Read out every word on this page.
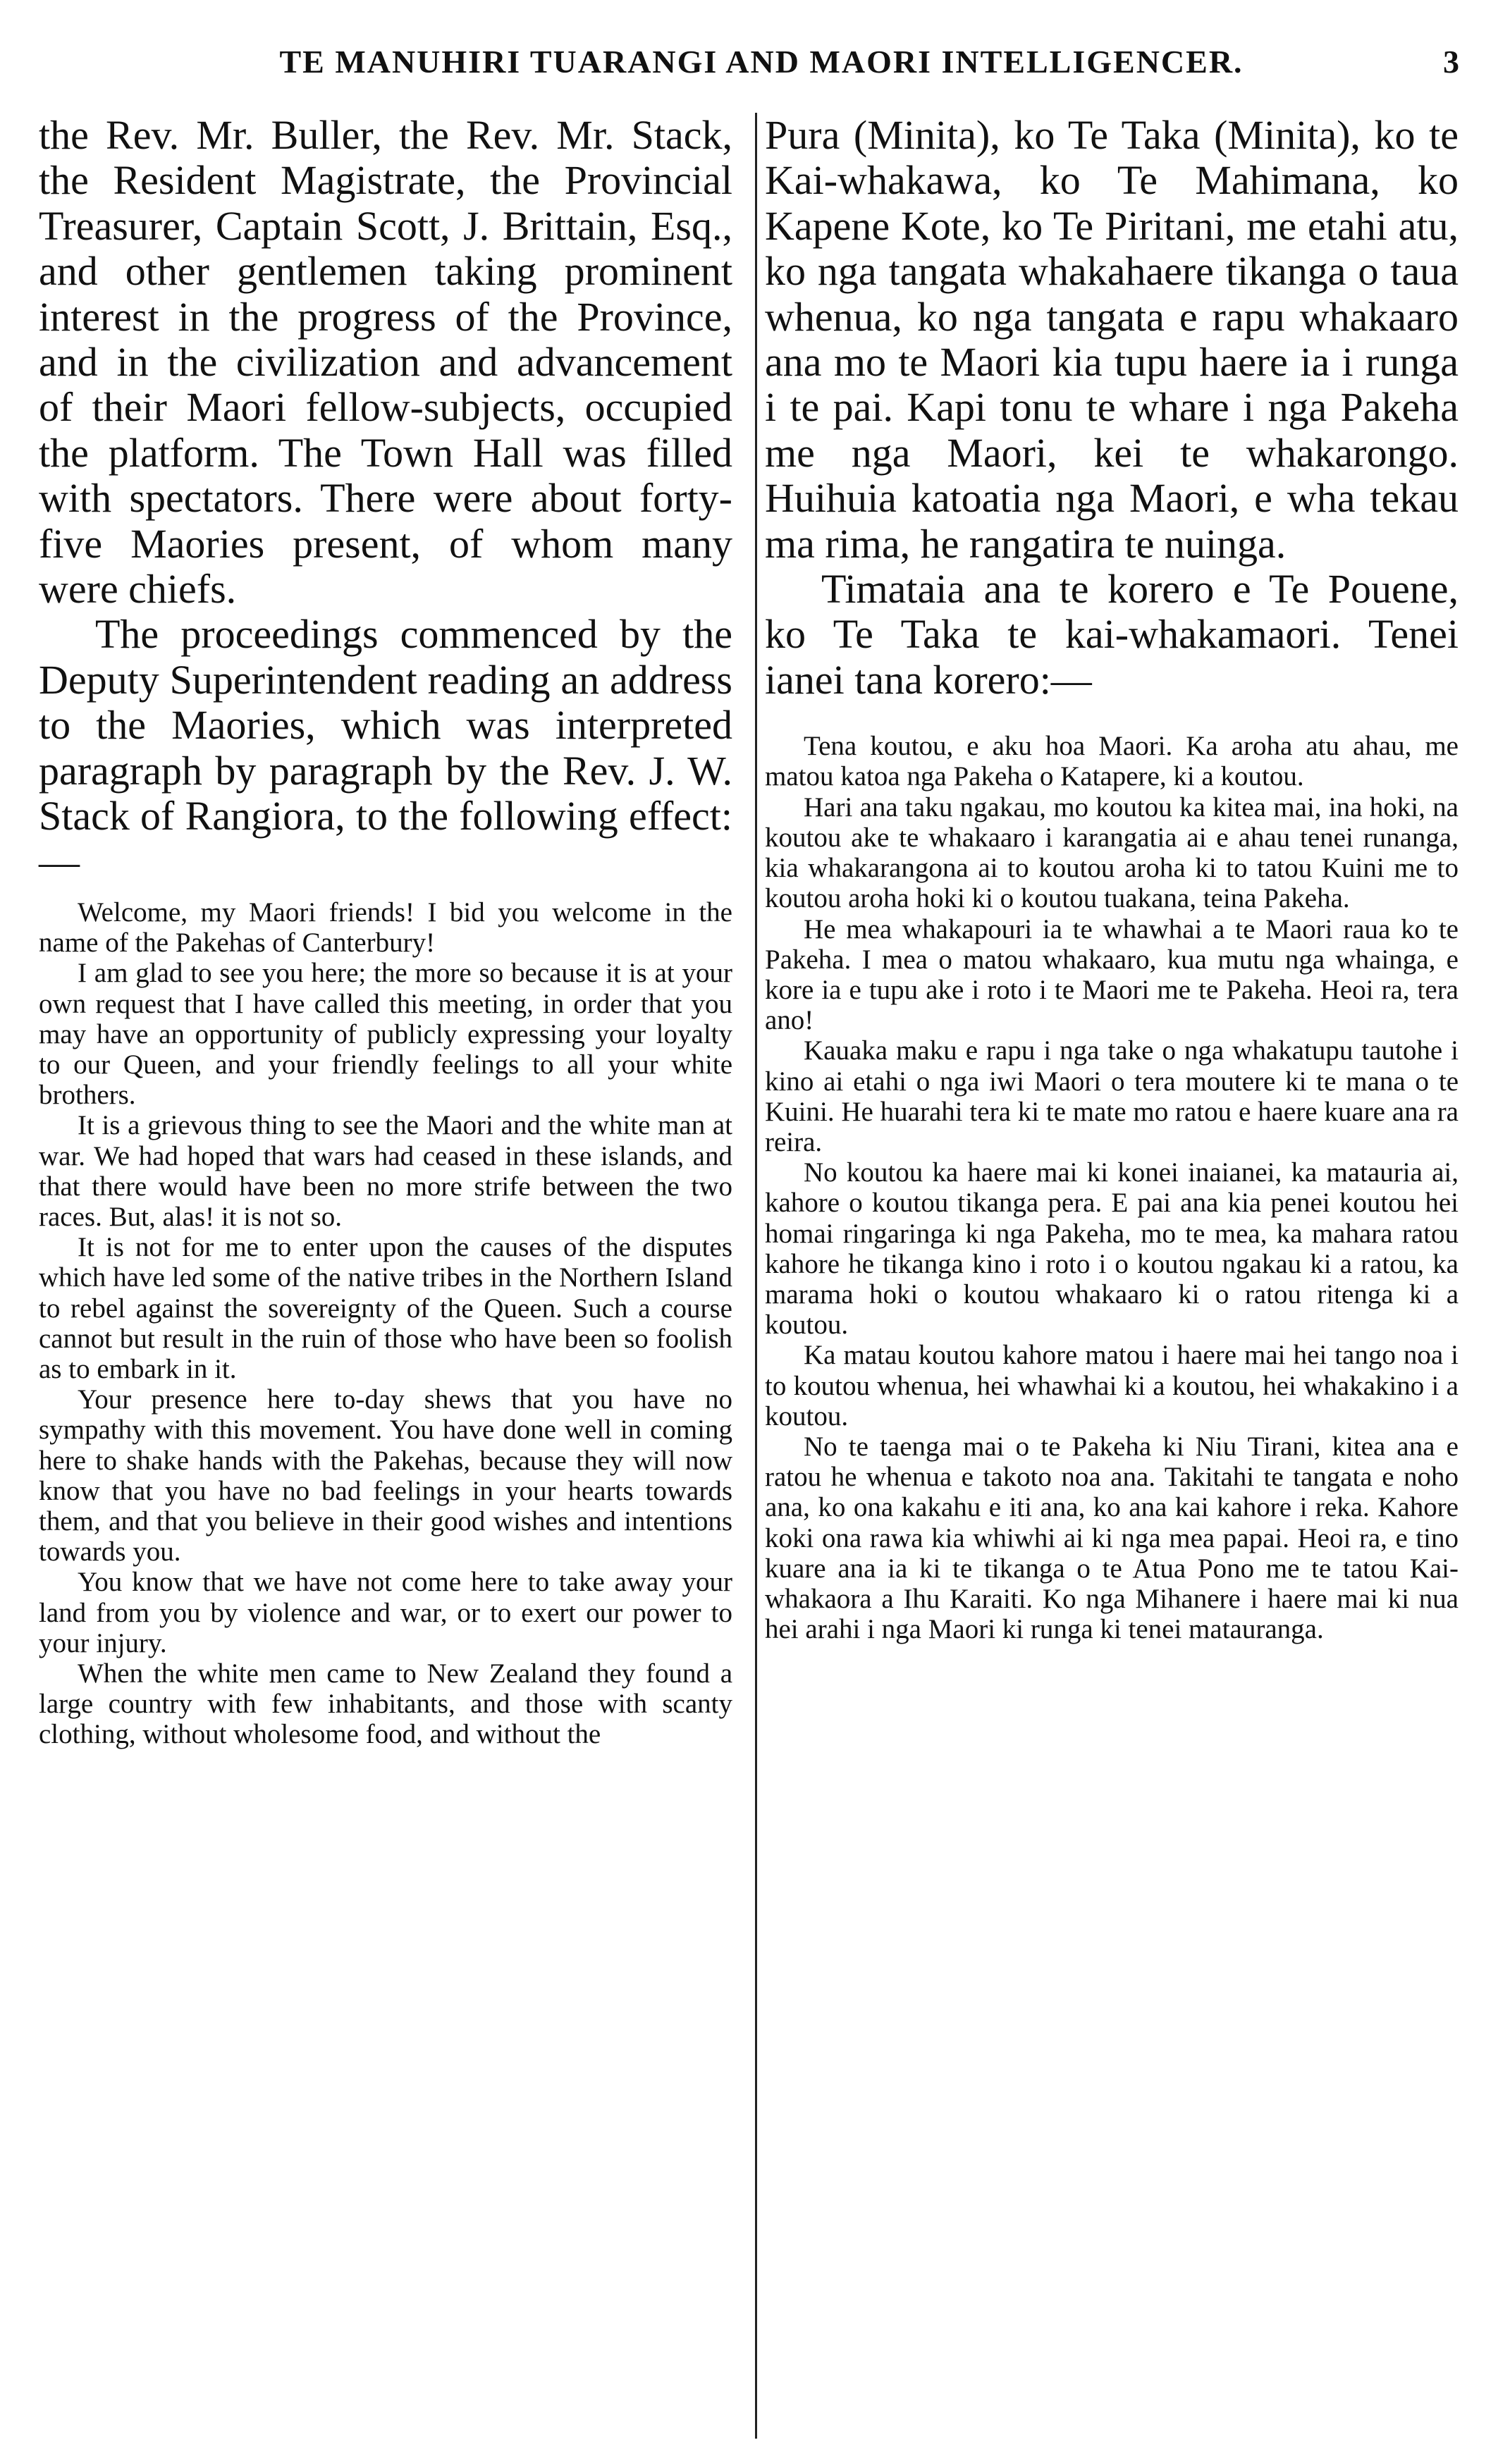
TE MANUHIRI TUARANGI AND MAORI INTELLIGENCER.	3

the Rev. Mr. Buller, the Rev. Mr. Stack, the Resident Magistrate, the Provincial Treasurer, Captain Scott, J. Brittain, Esq., and other gentlemen taking prominent interest in the progress of the Province, and in the civilization and advancement of their Maori fellow-subjects, occupied the platform. The Town Hall was filled with spectators. There were about forty-five Maories present, of whom many were chiefs.

The proceedings commenced by the Deputy Superintendent reading an address to the Maories, which was interpreted paragraph by paragraph by the Rev. J. W. Stack of Rangiora, to the following effect:—

Welcome, my Maori friends! I bid you welcome in the name of the Pakehas of Canterbury!

I am glad to see you here; the more so because it is at your own request that I have called this meeting, in order that you may have an opportunity of publicly expressing your loyalty to our Queen, and your friendly feelings to all your white brothers.

It is a grievous thing to see the Maori and the white man at war. We had hoped that wars had ceased in these islands, and that there would have been no more strife between the two races. But, alas! it is not so.

It is not for me to enter upon the causes of the disputes which have led some of the native tribes in the Northern Island to rebel against the sovereignty of the Queen. Such a course cannot but result in the ruin of those who have been so foolish as to embark in it.

Your presence here to-day shews that you have no sympathy with this movement. You have done well in coming here to shake hands with the Pakehas, because they will now know that you have no bad feelings in your hearts towards them, and that you believe in their good wishes and intentions towards you.

You know that we have not come here to take away your land from you by violence and war, or to exert our power to your injury.

When the white men came to New Zealand they found a large country with few inhabitants, and those with scanty clothing, without wholesome food, and without the

Pura (Minita), ko Te Taka (Minita), ko te Kai-whakawa, ko Te Mahimana, ko Kapene Kote, ko Te Piritani, me etahi atu, ko nga tangata whakahaere tikanga o taua whenua, ko nga tangata e rapu whakaaro ana mo te Maori kia tupu haere ia i runga i te pai. Kapi tonu te whare i nga Pakeha me nga Maori, kei te whakarongo. Huihuia katoatia nga Maori, e wha tekau ma rima, he rangatira te nuinga.

Timataia ana te korero e Te Pouene, ko Te Taka te kai-whakamaori. Tenei ianei tana korero:—

Tena koutou, e aku hoa Maori. Ka aroha atu ahau, me matou katoa nga Pakeha o Katapere, ki a koutou.

Hari ana taku ngakau, mo koutou ka kitea mai, ina hoki, na koutou ake te whakaaro i karangatia ai e ahau tenei runanga, kia whakarangona ai to koutou aroha ki to tatou Kuini me to koutou aroha hoki ki o koutou tuakana, teina Pakeha.

He mea whakapouri ia te whawhai a te Maori raua ko te Pakeha. I mea o matou whakaaro, kua mutu nga whainga, e kore ia e tupu ake i roto i te Maori me te Pakeha. Heoi ra, tera ano!

Kauaka maku e rapu i nga take o nga whakatupu tautohe i kino ai etahi o nga iwi Maori o tera moutere ki te mana o te Kuini. He huarahi tera ki te mate mo ratou e haere kuare ana ra reira.

No koutou ka haere mai ki konei inaianei, ka matauria ai, kahore o koutou tikanga pera. E pai ana kia penei koutou hei homai ringaringa ki nga Pakeha, mo te mea, ka mahara ratou kahore he tikanga kino i roto i o koutou ngakau ki a ratou, ka marama hoki o koutou whakaaro ki o ratou ritenga ki a koutou.

Ka matau koutou kahore matou i haere mai hei tango noa i to koutou whenua, hei whawhai ki a koutou, hei whakakino i a koutou.

No te taenga mai o te Pakeha ki Niu Tirani, kitea ana e ratou he whenua e takoto noa ana. Takitahi te tangata e noho ana, ko ona kakahu e iti ana, ko ana kai kahore i reka. Kahore koki ona rawa kia whiwhi ai ki nga mea papai. Heoi ra, e tino kuare ana ia ki te tikanga o te Atua Pono me te tatou Kai-whakaora a Ihu Karaiti. Ko nga Mihanere i haere mai ki nua hei arahi i nga Maori ki runga ki tenei matauranga.
